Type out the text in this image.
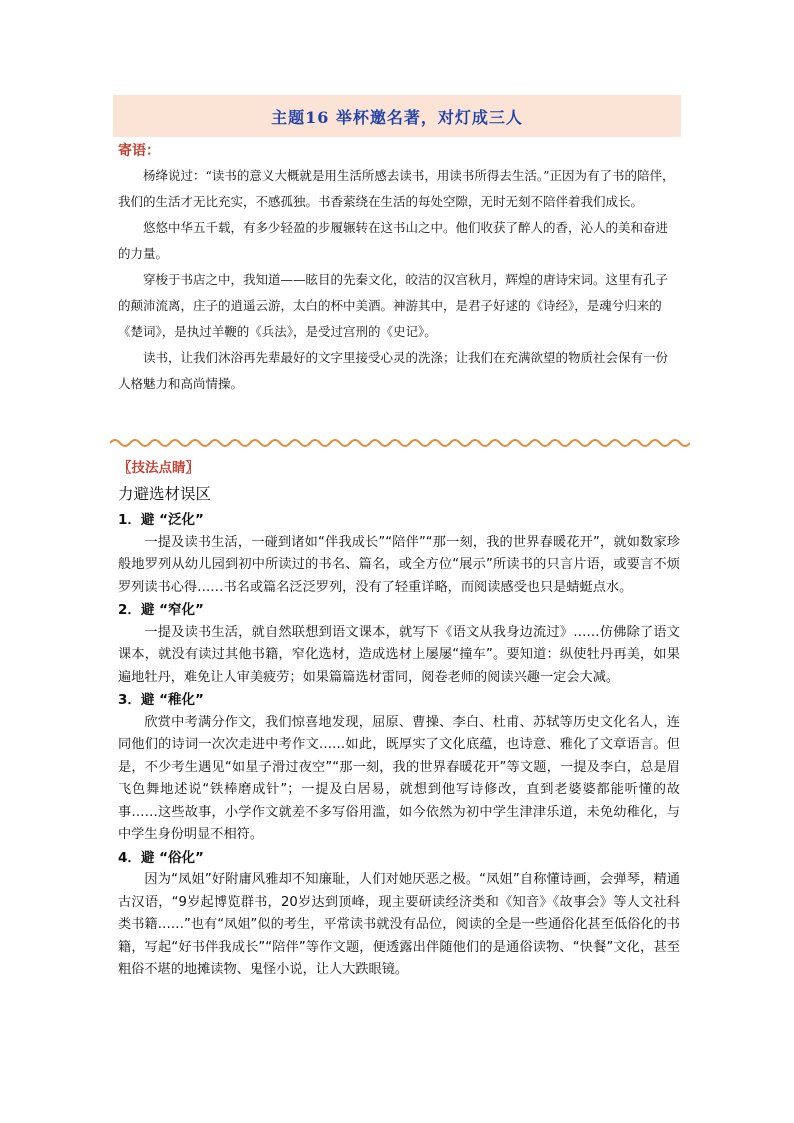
主题16 举杯邀名著，对灯成三人
寄语：

杨绛说过：“读书的意义大概就是用生活所感去读书，用读书所得去生活。”正因为有了书的陪伴，我们的生活才无比充实，不感孤独。书香萦绕在生活的每处空隙，无时无刻不陪伴着我们成长。

悠悠中华五千载，有多少轻盈的步履辗转在这书山之中。他们收获了醉人的香，沁人的美和奋进的力量。

穿梭于书店之中，我知道——眩目的先秦文化，皎洁的汉宫秋月，辉煌的唐诗宋词。这里有孔子的颠沛流离，庄子的逍遥云游，太白的杯中美酒。神游其中，是君子好逑的《诗经》，是魂兮归来的《楚词》，是执过羊鞭的《兵法》，是受过宫刑的《史记》。

读书，让我们沐浴再先辈最好的文字里接受心灵的洗涤；让我们在充满欲望的物质社会保有一份人格魅力和高尚情操。

〖技法点睛〗
力避选材误区
1．避 “泛化”

一提及读书生活，一碰到诸如“伴我成长”“陪伴”“那一刻，我的世界春暖花开”，就如数家珍般地罗列从幼儿园到初中所读过的书名、篇名，或全方位“展示”所读书的只言片语，或要言不烦罗列读书心得……书名或篇名泛泛罗列，没有了轻重详略，而阅读感受也只是蜻蜓点水。

2．避 “窄化”

一提及读书生活，就自然联想到语文课本，就写下《语文从我身边流过》……仿佛除了语文课本，就没有读过其他书籍，窄化选材，造成选材上屡屡“撞车”。要知道：纵使牡丹再美，如果遍地牡丹，难免让人审美疲劳；如果篇篇选材雷同，阅卷老师的阅读兴趣一定会大减。

3．避 “稚化”

欣赏中考满分作文，我们惊喜地发现，屈原、曹操、李白、杜甫、苏轼等历史文化名人，连同他们的诗词一次次走进中考作文……如此，既厚实了文化底蕴，也诗意、雅化了文章语言。但是，不少考生遇见“如星子滑过夜空”“那一刻，我的世界春暖花开”等文题，一提及李白，总是眉飞色舞地述说“铁棒磨成针”；一提及白居易，就想到他写诗修改，直到老婆婆都能听懂的故事……这些故事，小学作文就差不多写俗用滥，如今依然为初中学生津津乐道，未免幼稚化，与中学生身份明显不相符。

4．避 “俗化”

因为“凤姐”好附庸风雅却不知廉耻，人们对她厌恶之极。“凤姐”自称懂诗画，会弹琴，精通古汉语，“9岁起博览群书，20岁达到顶峰，现主要研读经济类和《知音》《故事会》等人文社科类书籍……”也有“凤姐”似的考生，平常读书就没有品位，阅读的全是一些通俗化甚至低俗化的书籍，写起“好书伴我成长”“陪伴”等作文题，便透露出伴随他们的是通俗读物、“快餐”文化，甚至粗俗不堪的地摊读物、鬼怪小说，让人大跌眼镜。
